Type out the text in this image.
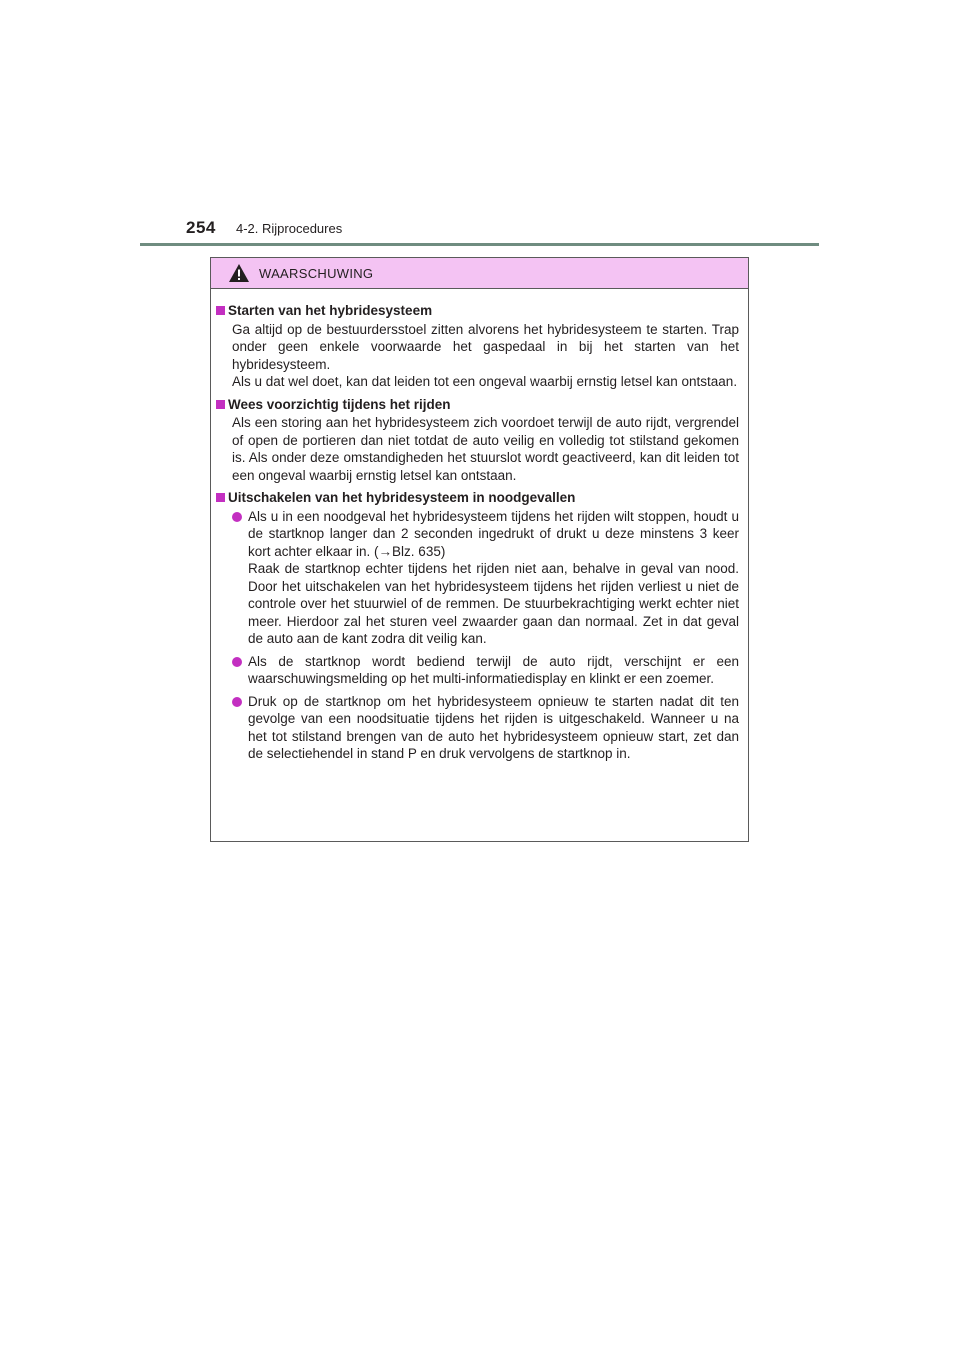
254	4-2. Rijprocedures
WAARSCHUWING
Starten van het hybridesysteem
Ga altijd op de bestuurdersstoel zitten alvorens het hybridesysteem te starten. Trap onder geen enkele voorwaarde het gaspedaal in bij het starten van het hybridesysteem.
Als u dat wel doet, kan dat leiden tot een ongeval waarbij ernstig letsel kan ontstaan.
Wees voorzichtig tijdens het rijden
Als een storing aan het hybridesysteem zich voordoet terwijl de auto rijdt, vergrendel of open de portieren dan niet totdat de auto veilig en volledig tot stilstand gekomen is. Als onder deze omstandigheden het stuurslot wordt geactiveerd, kan dit leiden tot een ongeval waarbij ernstig letsel kan ontstaan.
Uitschakelen van het hybridesysteem in noodgevallen
Als u in een noodgeval het hybridesysteem tijdens het rijden wilt stoppen, houdt u de startknop langer dan 2 seconden ingedrukt of drukt u deze minstens 3 keer kort achter elkaar in. (→Blz. 635)
Raak de startknop echter tijdens het rijden niet aan, behalve in geval van nood. Door het uitschakelen van het hybridesysteem tijdens het rijden verliest u niet de controle over het stuurwiel of de remmen. De stuurbekrachtiging werkt echter niet meer. Hierdoor zal het sturen veel zwaarder gaan dan normaal. Zet in dat geval de auto aan de kant zodra dit veilig kan.
Als de startknop wordt bediend terwijl de auto rijdt, verschijnt er een waarschuwingsmelding op het multi-informatiedisplay en klinkt er een zoemer.
Druk op de startknop om het hybridesysteem opnieuw te starten nadat dit ten gevolge van een noodsituatie tijdens het rijden is uitgeschakeld. Wanneer u na het tot stilstand brengen van de auto het hybridesysteem opnieuw start, zet dan de selectiehendel in stand P en druk vervolgens de startknop in.
